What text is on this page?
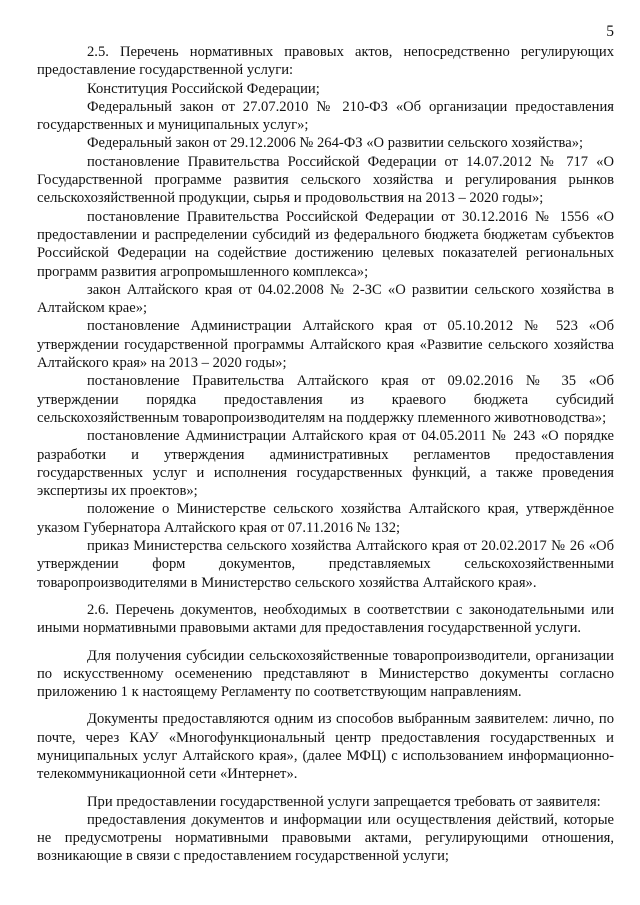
5

2.5. Перечень нормативных правовых актов, непосредственно регулирующих предоставление государственной услуги:

Конституция Российской Федерации;

Федеральный закон от 27.07.2010 № 210-ФЗ «Об организации предоставления государственных и муниципальных услуг»;

Федеральный закон от 29.12.2006 № 264-ФЗ «О развитии сельского хозяйства»;

постановление Правительства Российской Федерации от 14.07.2012 № 717 «О Государственной программе развития сельского хозяйства и регулирования рынков сельскохозяйственной продукции, сырья и продовольствия на 2013 – 2020 годы»;

постановление Правительства Российской Федерации от 30.12.2016 № 1556 «О предоставлении и распределении субсидий из федерального бюджета бюджетам субъектов Российской Федерации на содействие достижению целевых показателей региональных программ развития агропромышленного комплекса»;

закон Алтайского края от 04.02.2008 № 2-ЗС «О развитии сельского хозяйства в Алтайском крае»;

постановление Администрации Алтайского края от 05.10.2012 № 523 «Об утверждении государственной программы Алтайского края «Развитие сельского хозяйства Алтайского края» на 2013 – 2020 годы»;

постановление Правительства Алтайского края от 09.02.2016 № 35 «Об утверждении порядка предоставления из краевого бюджета субсидий сельскохозяйственным товаропроизводителям на поддержку племенного животноводства»;

постановление Администрации Алтайского края от 04.05.2011 № 243 «О порядке разработки и утверждения административных регламентов предоставления государственных услуг и исполнения государственных функций, а также проведения экспертизы их проектов»;

положение о Министерстве сельского хозяйства Алтайского края, утверждённое указом Губернатора Алтайского края от 07.11.2016 № 132;

приказ Министерства сельского хозяйства Алтайского края от 20.02.2017 № 26 «Об утверждении форм документов, представляемых сельскохозяйственными товаропроизводителями в Министерство сельского хозяйства Алтайского края».

2.6. Перечень документов, необходимых в соответствии с законодательными или иными нормативными правовыми актами для предоставления государственной услуги.

Для получения субсидии сельскохозяйственные товаропроизводители, организации по искусственному осеменению представляют в Министерство документы согласно приложению 1 к настоящему Регламенту по соответствующим направлениям.

Документы предоставляются одним из способов выбранным заявителем: лично, по почте, через КАУ «Многофункциональный центр предоставления государственных и муниципальных услуг Алтайского края», (далее МФЦ) с использованием информационно-телекоммуникационной сети «Интернет».

При предоставлении государственной услуги запрещается требовать от заявителя:

предоставления документов и информации или осуществления действий, которые не предусмотрены нормативными правовыми актами, регулирующими отношения, возникающие в связи с предоставлением государственной услуги;
